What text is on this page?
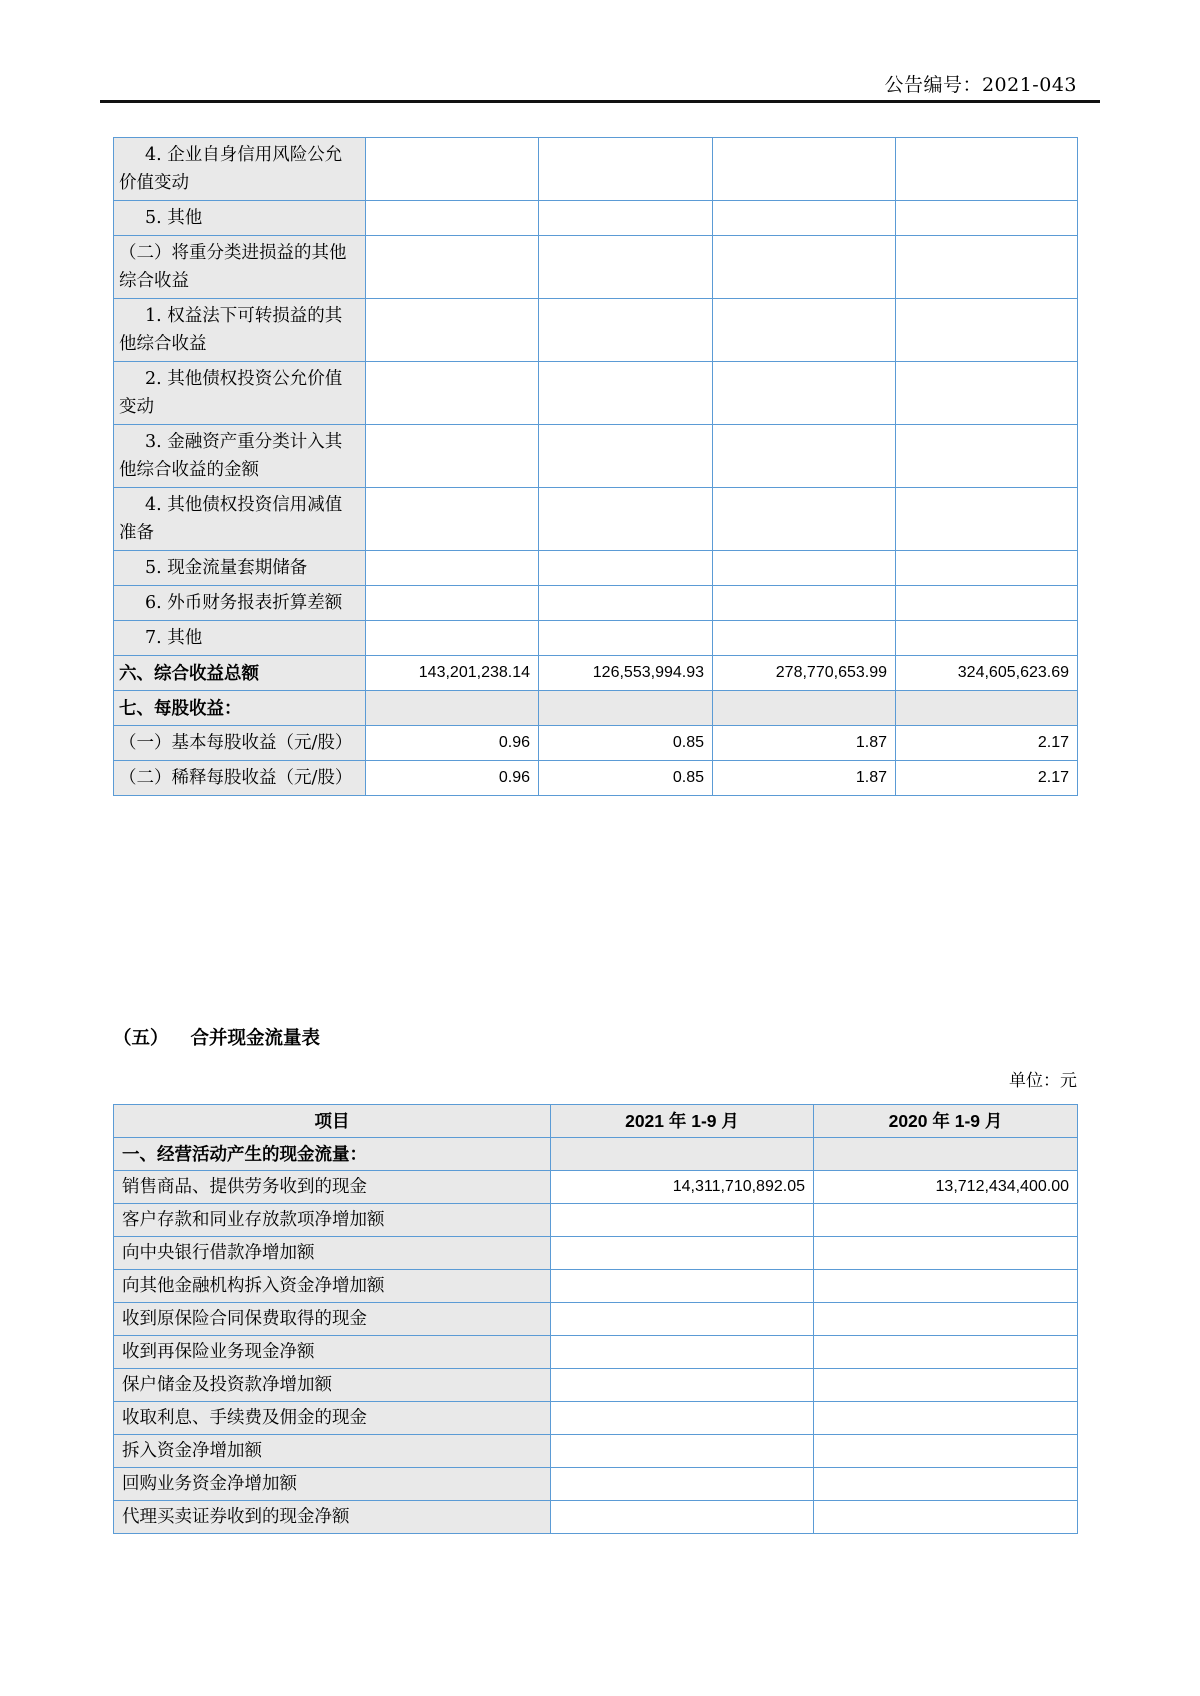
公告编号：2021-043
4. 企业自身信用风险公允价值变动				
5. 其他				
（二）将重分类进损益的其他综合收益				
1. 权益法下可转损益的其他综合收益				
2. 其他债权投资公允价值变动				
3. 金融资产重分类计入其他综合收益的金额				
4. 其他债权投资信用减值准备				
5. 现金流量套期储备				
6. 外币财务报表折算差额				
7. 其他				
六、综合收益总额	143,201,238.14	126,553,994.93	278,770,653.99	324,605,623.69
七、每股收益：				
（一）基本每股收益（元/股）	0.96	0.85	1.87	2.17
（二）稀释每股收益（元/股）	0.96	0.85	1.87	2.17
（五） 合并现金流量表
单位：元
项目	2021 年 1-9 月	2020 年 1-9 月
一、经营活动产生的现金流量：		
销售商品、提供劳务收到的现金	14,311,710,892.05	13,712,434,400.00
客户存款和同业存放款项净增加额		
向中央银行借款净增加额		
向其他金融机构拆入资金净增加额		
收到原保险合同保费取得的现金		
收到再保险业务现金净额		
保户储金及投资款净增加额		
收取利息、手续费及佣金的现金		
拆入资金净增加额		
回购业务资金净增加额		
代理买卖证券收到的现金净额		
